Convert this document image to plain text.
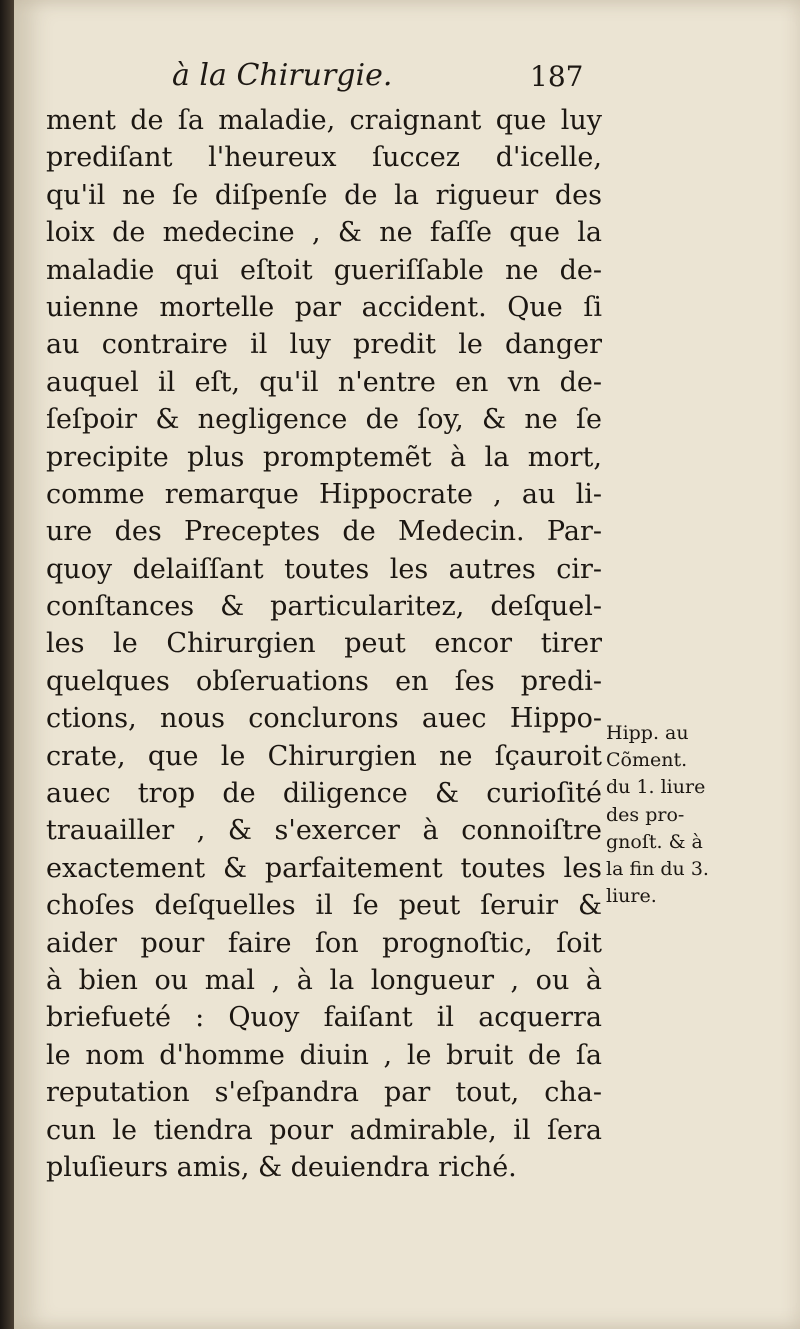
à la Chirurgie.	187
ment de ſa maladie, craignant que luy
prediſant l'heureux ſuccez d'icelle,
qu'il ne ſe diſpenſe de la rigueur des
loix de medecine , & ne faſſe que la
maladie qui eſtoit gueriſſable ne de-
uienne mortelle par accident. Que ſi
au contraire il luy predit le danger
auquel il eſt, qu'il n'entre en vn de-
ſeſpoir & negligence de ſoy, & ne ſe
precipite plus promptemẽt à la mort,
comme remarque Hippocrate , au li-
ure des Preceptes de Medecin. Par-
quoy delaiſſant toutes les autres cir-
conſtances & particularitez, deſquel-
les le Chirurgien peut encor tirer
quelques obſeruations en ſes predi-
ctions, nous conclurons auec Hippo-
crate, que le Chirurgien ne ſçauroit
auec trop de diligence & curioſité
trauailler , & s'exercer à connoiſtre
exactement & parfaitement toutes les
choſes deſquelles il ſe peut ſeruir &
aider pour faire ſon prognoſtic, ſoit
à bien ou mal , à la longueur , ou à
briefueté : Quoy faiſant il acquerra
le nom d'homme diuin , le bruit de ſa
reputation s'eſpandra par tout, cha-
cun le tiendra pour admirable, il ſera
pluſieurs amis, & deuiendra riché.
Hipp. au
Cõment.
du 1. liure
des pro-
gnoſt. & à
la fin du 3.
liure.
